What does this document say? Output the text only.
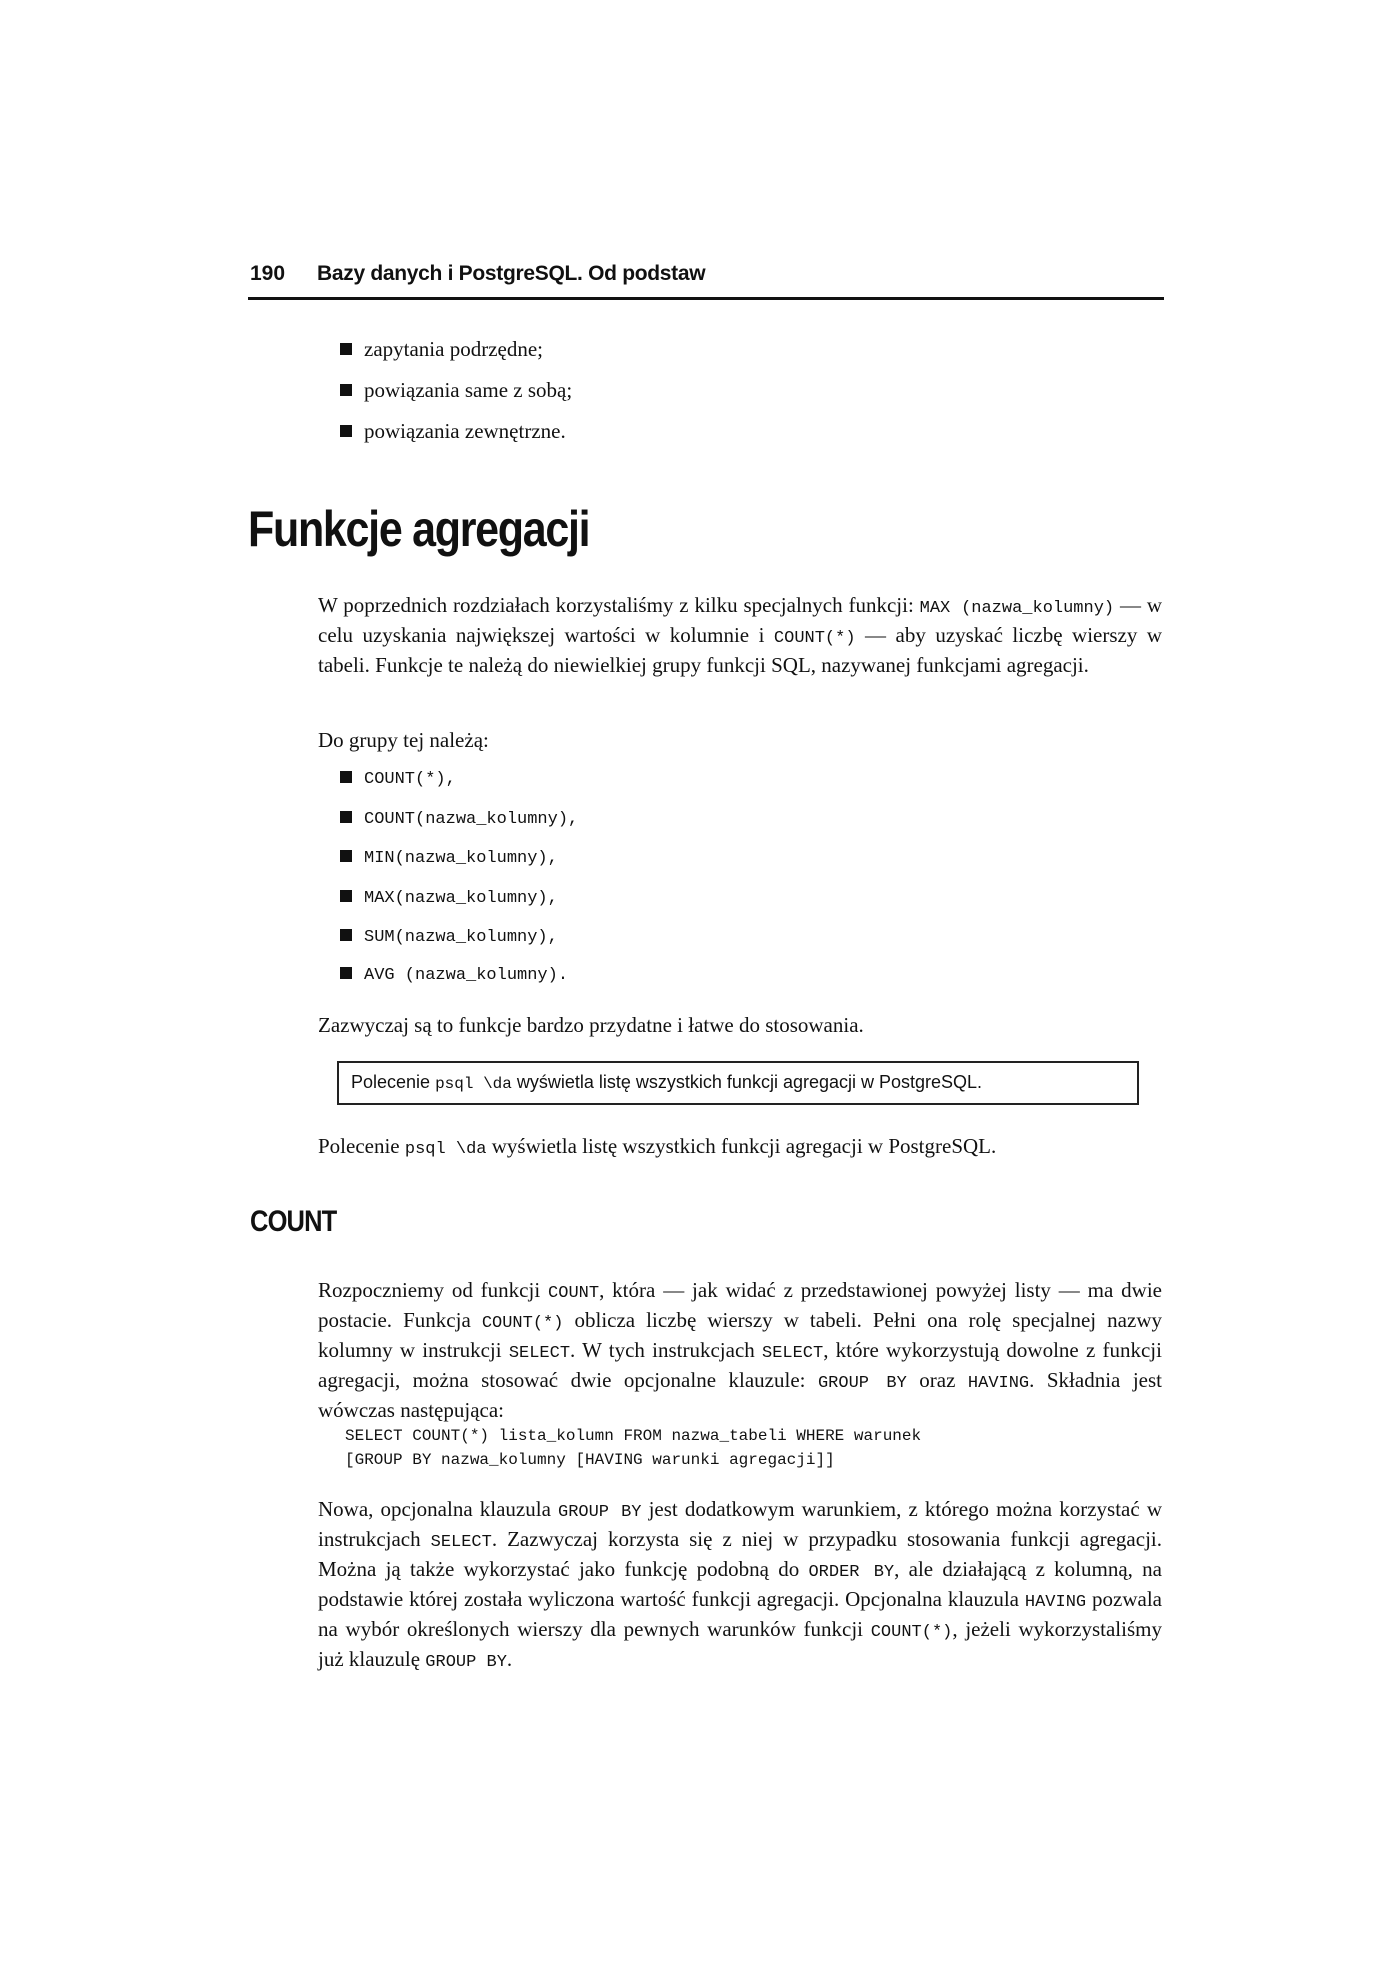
190 Bazy danych i PostgreSQL. Od podstaw
zapytania podrzędne;
powiązania same z sobą;
powiązania zewnętrzne.
Funkcje agregacji
W poprzednich rozdziałach korzystaliśmy z kilku specjalnych funkcji: MAX (nazwa_kolumny) — w celu uzyskania największej wartości w kolumnie i COUNT(*) — aby uzyskać liczbę wierszy w tabeli. Funkcje te należą do niewielkiej grupy funkcji SQL, nazywanej funkcjami agregacji.
Do grupy tej należą:
COUNT(*),
COUNT(nazwa_kolumny),
MIN(nazwa_kolumny),
MAX(nazwa_kolumny),
SUM(nazwa_kolumny),
AVG (nazwa_kolumny).
Zazwyczaj są to funkcje bardzo przydatne i łatwe do stosowania.
Polecenie psql \da wyświetla listę wszystkich funkcji agregacji w PostgreSQL.
Polecenie psql \da wyświetla listę wszystkich funkcji agregacji w PostgreSQL.
COUNT
Rozpoczniemy od funkcji COUNT, która — jak widać z przedstawionej powyżej listy — ma dwie postacie. Funkcja COUNT(*) oblicza liczbę wierszy w tabeli. Pełni ona rolę specjalnej nazwy kolumny w instrukcji SELECT. W tych instrukcjach SELECT, które wykorzystują dowolne z funkcji agregacji, można stosować dwie opcjonalne klauzule: GROUP BY oraz HAVING. Składnia jest wówczas następująca:
SELECT COUNT(*) lista_kolumn FROM nazwa_tabeli WHERE warunek
[GROUP BY nazwa_kolumny [HAVING warunki agregacji]]
Nowa, opcjonalna klauzula GROUP BY jest dodatkowym warunkiem, z którego można korzystać w instrukcjach SELECT. Zazwyczaj korzysta się z niej w przypadku stosowania funkcji agregacji. Można ją także wykorzystać jako funkcję podobną do ORDER BY, ale działającą z kolumną, na podstawie której została wyliczona wartość funkcji agregacji. Opcjonalna klauzula HAVING pozwala na wybór określonych wierszy dla pewnych warunków funkcji COUNT(*), jeżeli wykorzystaliśmy już klauzulę GROUP BY.
